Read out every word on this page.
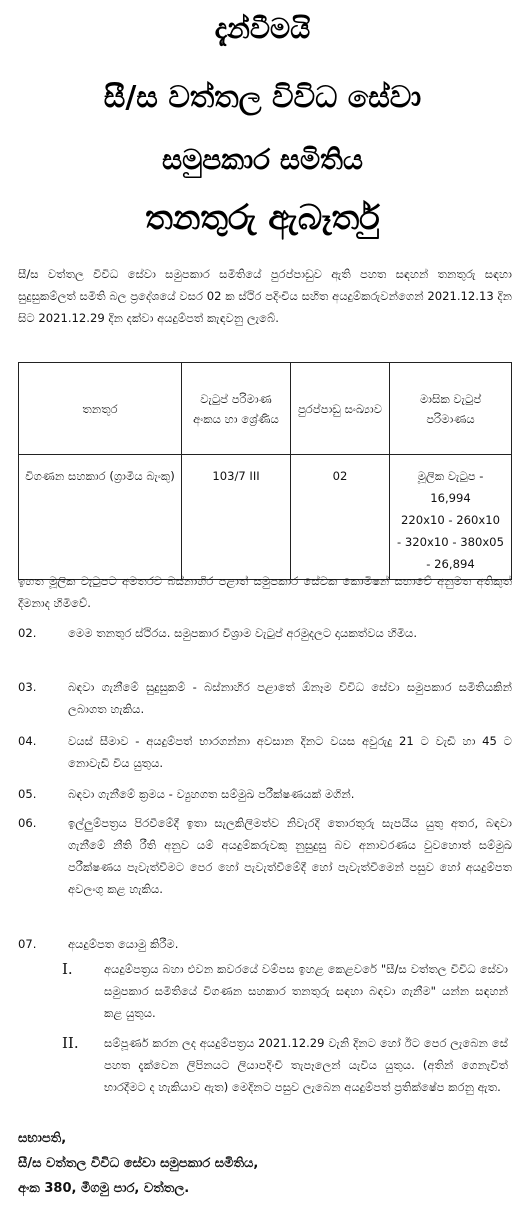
දැන්වීමයි
සී/ස වත්තල විවිධ සේවා
සමුපකාර සමිතිය
තනතුරු ඇබෑර්තු

සී/ස වත්තල විවිධ සේවා සමුපකාර සමිතියේ පුරප්පාඩුව ඇති පහත සඳහන් තනතුරු සඳහා සුදුසුකම්ලත් සමිති බල ප්‍රදේශයේ වසර 02 ක ස්ථිර පදිංචිය සහිත අයදුම්කරුවන්ගෙන් 2021.12.13 දින සිට 2021.12.29 දින දක්වා අයදුම්පත් කැඳවනු ලැබේ.

තනතුර	වැටුප් පරිමාණ අංකය හා ශ්‍රේණිය	පුරප්පාඩු සංඛ්‍යාව	මාසික වැටුප් පරිමාණය
විගණන සහකාර (ග්‍රාමීය බැංකු)	103/7 III	02	මූලික වැටුප - 16,994
220x10 - 260x10
- 320x10 - 380x05
- 26,894

ඉහත මූලික වැටුපට අමතරව බස්නාහිර පළාත් සමුපකාර සේවක කොමිෂන් සභාවේ අනුමත අතිකුත් දීමනාද හිමිවේ.

02.	මෙම තනතුර ස්ථිරය. සමුපකාර විශ්‍රාම වැටුප් අරමුදලට දායකත්වය හිමිය.
03.	බඳවා ගැනීමේ සුදුසුකම් - බස්නාහිර පළාතේ ඕනෑම විවිධ සේවා සමුපකාර සමිතියකින් ලබාගත හැකිය.
04.	වයස් සීමාව - අයදුම්පත් භාරගන්නා අවසාන දිනට වයස අවුරුදු 21 ට වැඩි හා 45 ට නොවැඩි විය යුතුය.
05.	බඳවා ගැනීමේ ක්‍රමය - ව්‍යුහගත සම්මුඛ පරීක්ෂණයක් මගින්.
06.	ඉල්ලුම්පත්‍රය පිරවීමේදී ඉතා සැලකිලිමත්ව නිවැරදි තොරතුරු සැපයිය යුතු අතර, බඳවා ගැනීමේ නීති රීති අනුව යම් අයදුම්කරුවකු නුසුදුසු බව අනාවරණය වුවහොත් සම්මුඛ පරීක්ෂණය පැවැත්වීමට පෙර හෝ පැවැත්වීමේදී හෝ පැවැත්වීමෙන් පසුව හෝ අයදුම්පත අවලංගු කළ හැකිය.
07.	අයදුම්පත යොමු කිරීම.
I.	අයදුම්පත්‍රය බහා එවන කවරයේ වම්පස ඉහළ කෙළවරේ "සී/ස වත්තල විවිධ සේවා සමුපකාර සමිතියේ විගණන සහකාර තනතුරු සඳහා බඳවා ගැනීම" යන්න සඳහන් කළ යුතුය.
II.	සම්පූර්ණ කරන ලද අයදුම්පත්‍රය 2021.12.29 වැනි දිනට හෝ ඊට පෙර ලැබෙන සේ පහත දැක්වෙන ලිපිනයට ලියාපදිංචි තැපෑලෙන් යැවිය යුතුය. (අතින් ගෙනැවිත් භාරදීමට ද හැකියාව ඇත) මෙදිනට පසුව ලැබෙන අයදුම්පත් ප්‍රතික්ෂේප කරනු ඇත.
සභාපති,
සී/ස වත්තල විවිධ සේවා සමුපකාර සමිතිය,
අංක 380, මීගමු පාර, වත්තල.
